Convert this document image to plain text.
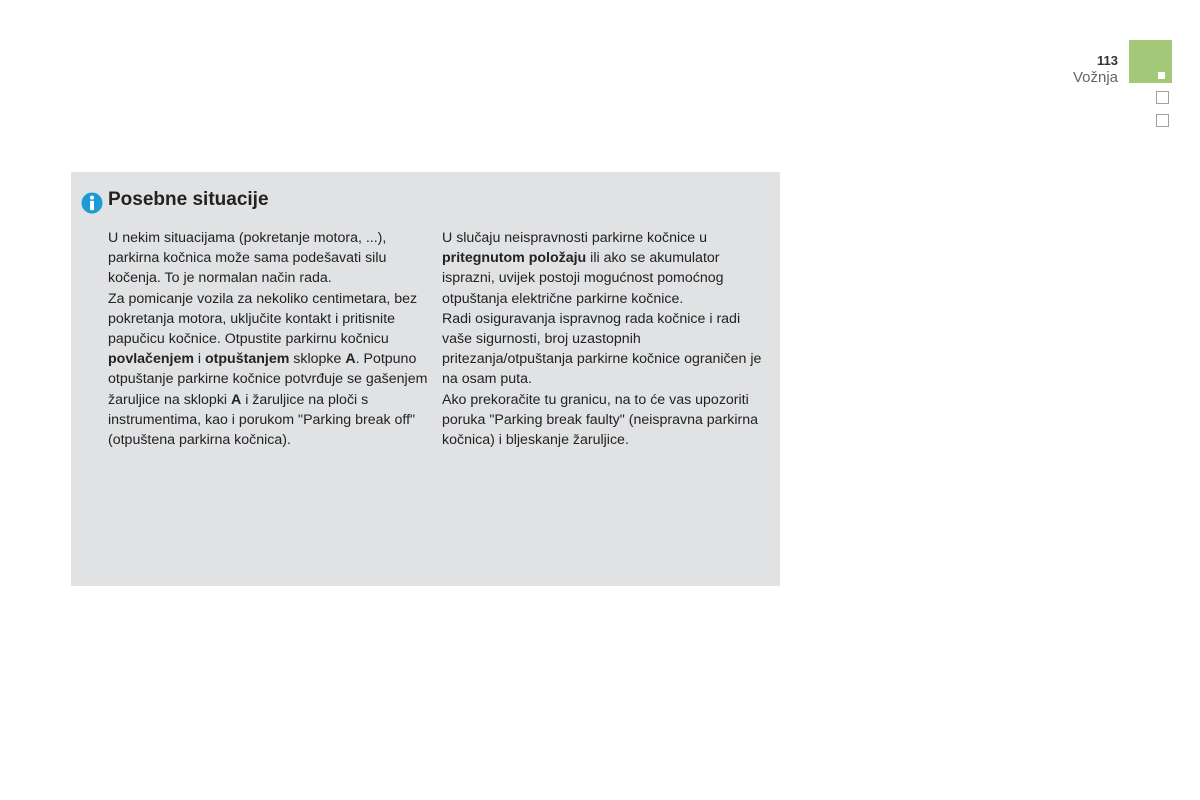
113
Vožnja
Posebne situacije

U nekim situacijama (pokretanje motora, ...), parkirna kočnica može sama podešavati silu kočenja. To je normalan način rada.

Za pomicanje vozila za nekoliko centimetara, bez pokretanja motora, uključite kontakt i pritisnite papučicu kočnice. Otpustite parkirnu kočnicu povlačenjem i otpuštanjem sklopke A. Potpuno otpuštanje parkirne kočnice potvrđuje se gašenjem žaruljice na sklopki A i žaruljice na ploči s instrumentima, kao i porukom "Parking break off" (otpuštena parkirna kočnica).

U slučaju neispravnosti parkirne kočnice u pritegnutom položaju ili ako se akumulator isprazni, uvijek postoji mogućnost pomoćnog otpuštanja električne parkirne kočnice.

Radi osiguravanja ispravnog rada kočnice i radi vaše sigurnosti, broj uzastopnih pritezanja/otpuštanja parkirne kočnice ograničen je na osam puta.

Ako prekoračite tu granicu, na to će vas upozoriti poruka "Parking break faulty" (neispravna parkirna kočnica) i bljeskanje žaruljice.
